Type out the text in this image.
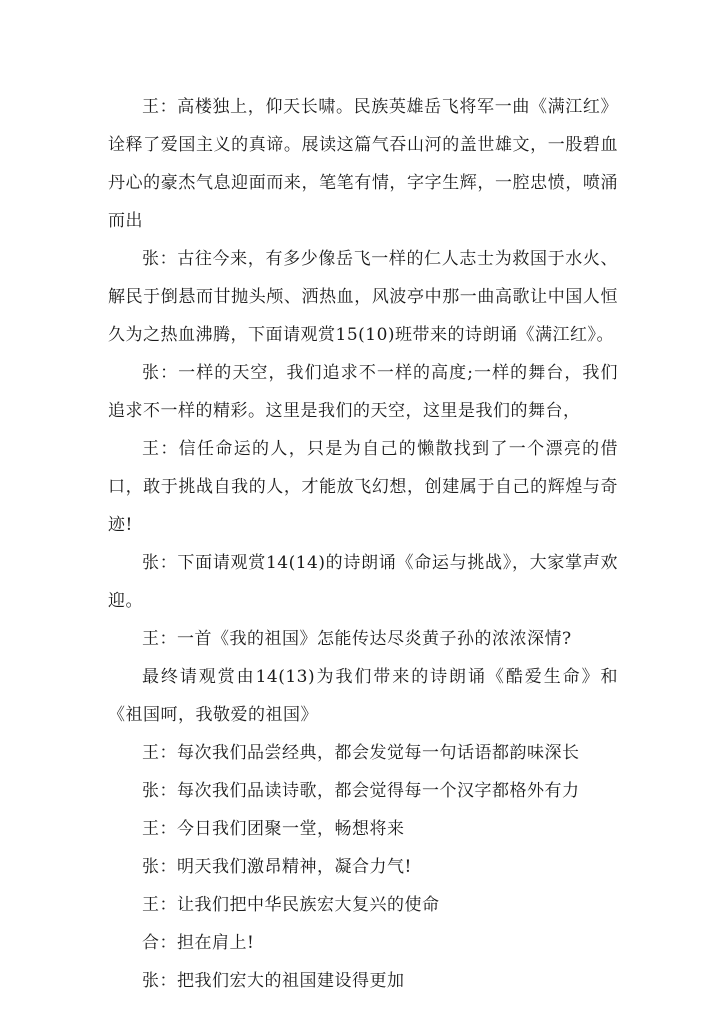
王：高楼独上，仰天长啸。民族英雄岳飞将军一曲《满江红》诠释了爱国主义的真谛。展读这篇气吞山河的盖世雄文，一股碧血丹心的豪杰气息迎面而来，笔笔有情，字字生辉，一腔忠愤，喷涌而出

张：古往今来，有多少像岳飞一样的仁人志士为救国于水火、解民于倒悬而甘抛头颅、洒热血，风波亭中那一曲高歌让中国人恒久为之热血沸腾，下面请观赏15(10)班带来的诗朗诵《满江红》。

张：一样的天空，我们追求不一样的高度;一样的舞台，我们追求不一样的精彩。这里是我们的天空，这里是我们的舞台，

王：信任命运的人，只是为自己的懒散找到了一个漂亮的借口，敢于挑战自我的人，才能放飞幻想，创建属于自己的辉煌与奇迹!

张：下面请观赏14(14)的诗朗诵《命运与挑战》，大家掌声欢迎。

王：一首《我的祖国》怎能传达尽炎黄子孙的浓浓深情?

最终请观赏由14(13)为我们带来的诗朗诵《酷爱生命》和《祖国呵，我敬爱的祖国》

王：每次我们品尝经典，都会发觉每一句话语都韵味深长

张：每次我们品读诗歌，都会觉得每一个汉字都格外有力

王：今日我们团聚一堂，畅想将来

张：明天我们激昂精神，凝合力气!

王：让我们把中华民族宏大复兴的使命

合：担在肩上!

张：把我们宏大的祖国建设得更加
